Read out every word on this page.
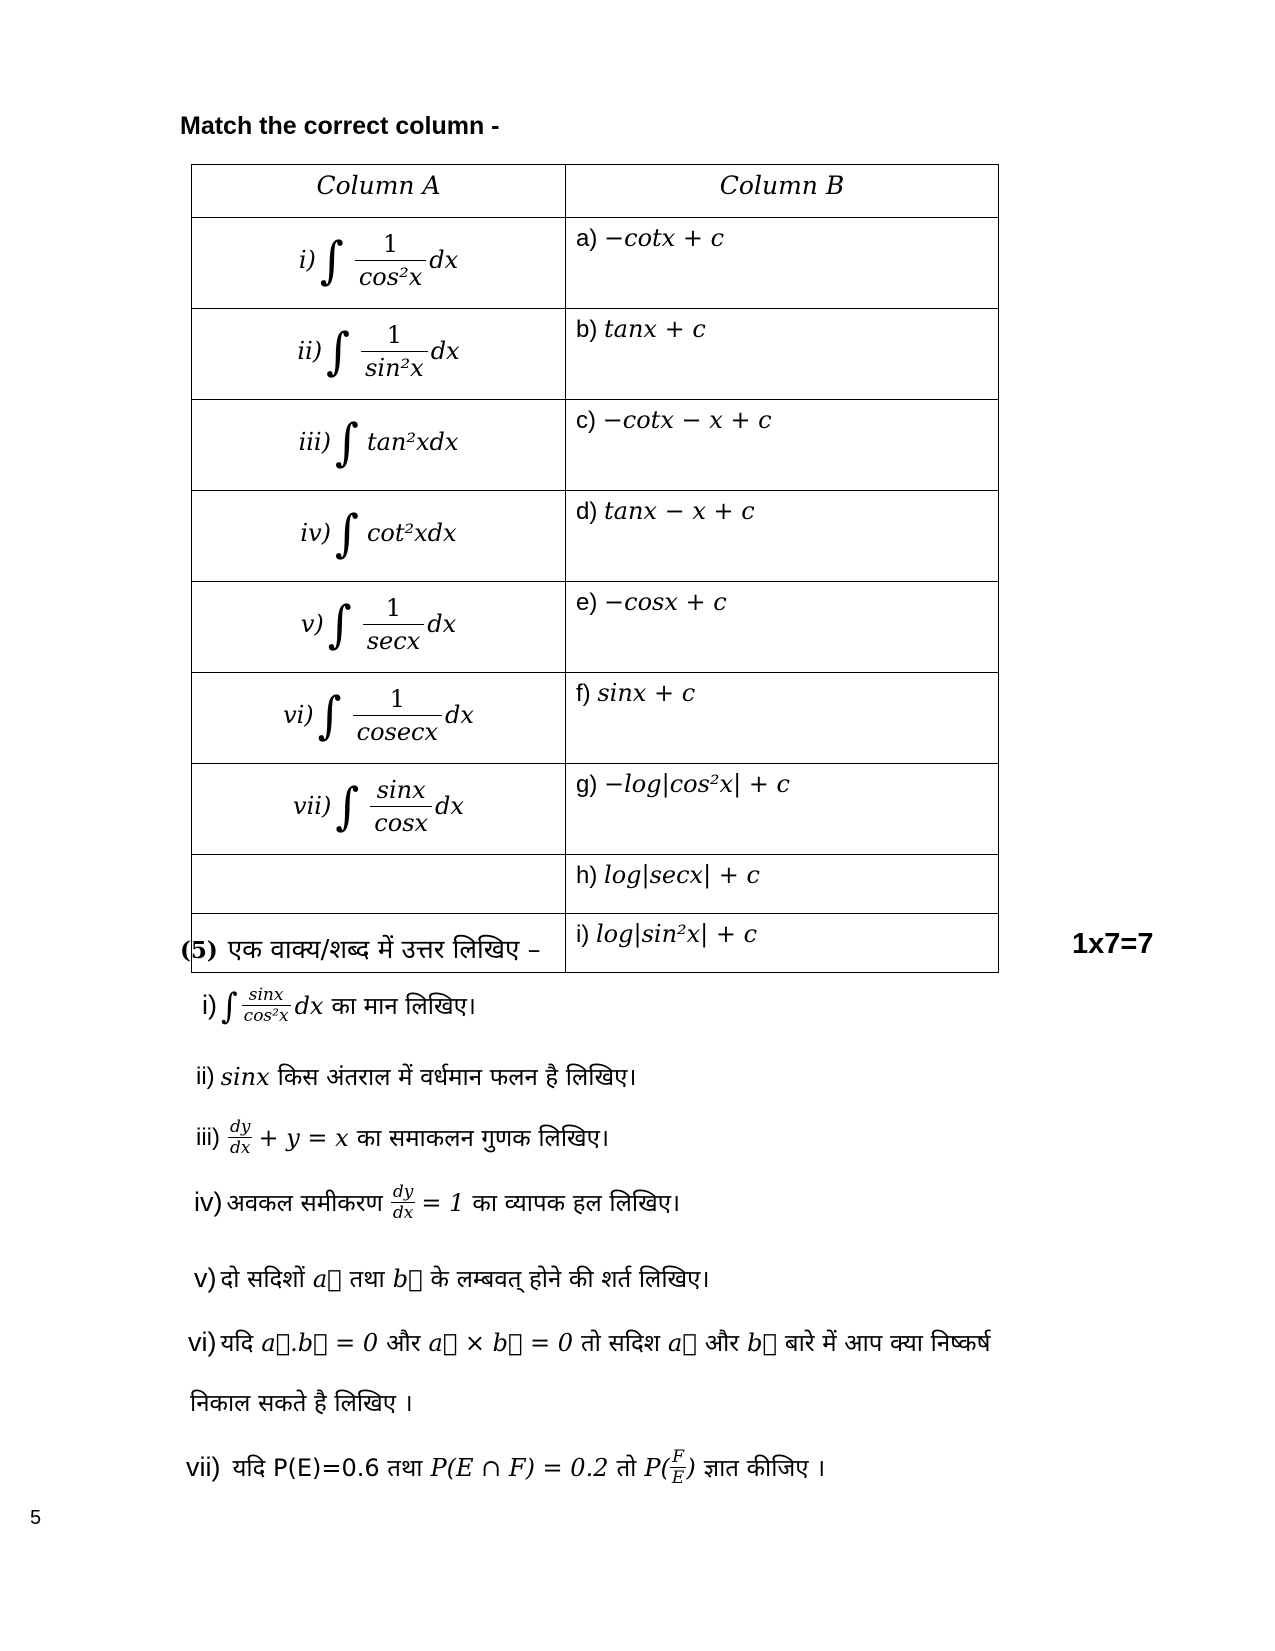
Match the correct column -
Column A	Column B

i) ∫ $\frac{1}{\text{cos²x}}$ dx	a) −cotx + c

ii) ∫ $\frac{1}{\text{sin²x}}$ dx	b) tanx + c

iii) ∫ tan²xdx	c) −cotx − x + c

iv) ∫ cot²xdx	d) tanx − x + c

v) ∫ $\frac{1}{\sec x}$ dx	e) −cosx + c

vi) ∫ $\frac{1}{cosecx}$ dx	f) sinx + c

vii) ∫ $\frac{\sin x}{\cos x}$ dx	g) −log|cos²x| + c
	h) log|secx| + c
	i) log|sin²x| + c
(5) एक वाक्य/शब्द में उत्तर लिखिए –	1x7=7
i) ∫ sinx
cos²x dx का मान लिखिए।
ii) sinx किस अंतराल में वर्धमान फलन है लिखिए।
iii) dy
dx + y = x का समाकलन गुणक लिखिए।
iv) अवकल समीकरण $\frac{dy}{dx} = 1$ का व्यापक हल लिखिए।
v) दो सदिशों a⃗ तथा b⃗ के लम्बवत् होने की शर्त लिखिए।
vi) यदि a⃗.b⃗ = 0 और a⃗ × b⃗ = 0 तो सदिश a⃗ और b⃗ बारे में आप क्या निष्कर्ष
निकाल सकते है लिखिए ।
vii) यदि P(E)=0.6 तथा P(E ∩ F) = 0.2 तो P( F
E ) ज्ञात कीजिए ।
5
